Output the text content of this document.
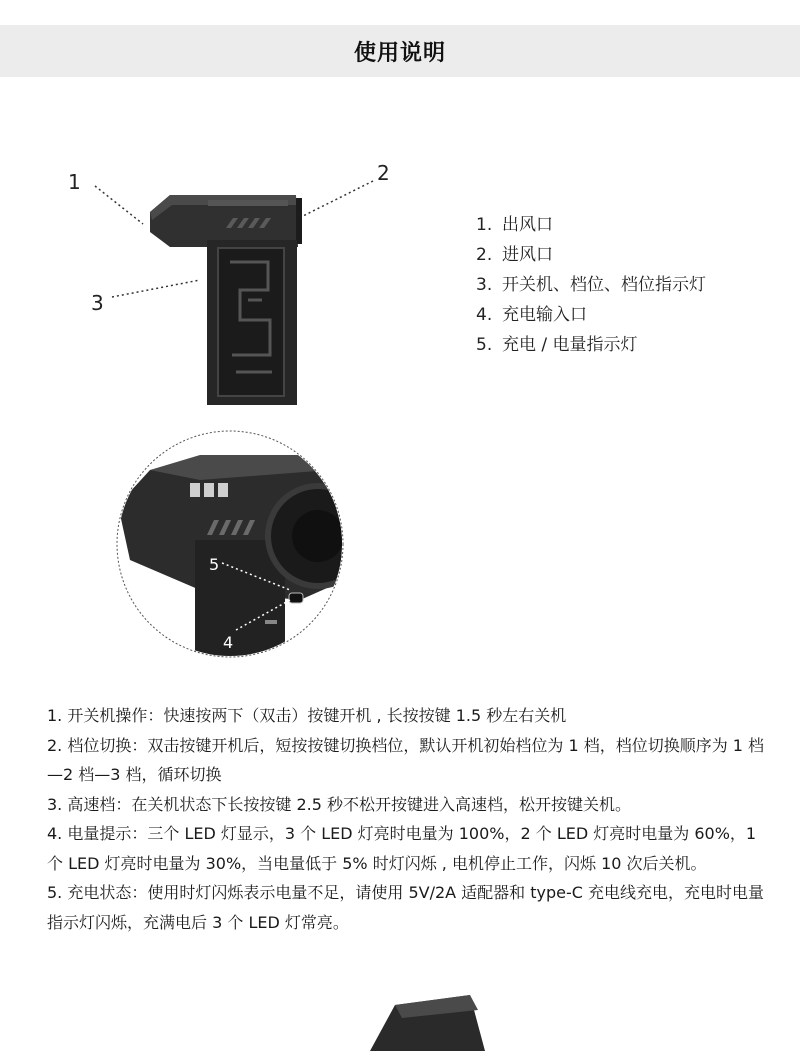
使用说明
5
4
1	2
3
1. 出风口
2. 进风口
3. 开关机、档位、档位指示灯
4. 充电输入口
5. 充电 / 电量指示灯

1. 开关机操作：快速按两下（双击）按键开机 , 长按按键 1.5 秒左右关机

2. 档位切换：双击按键开机后，短按按键切换档位，默认开机初始档位为 1 档，档位切换顺序为 1 档—2 档—3 档，循环切换

3. 高速档：在关机状态下长按按键 2.5 秒不松开按键进入高速档，松开按键关机。

4. 电量提示：三个 LED 灯显示，3 个 LED 灯亮时电量为 100%，2 个 LED 灯亮时电量为 60%，1 个 LED 灯亮时电量为 30%，当电量低于 5% 时灯闪烁 , 电机停止工作，闪烁 10 次后关机。

5. 充电状态：使用时灯闪烁表示电量不足，请使用 5V/2A 适配器和 type-C 充电线充电，充电时电量指示灯闪烁，充满电后 3 个 LED 灯常亮。
